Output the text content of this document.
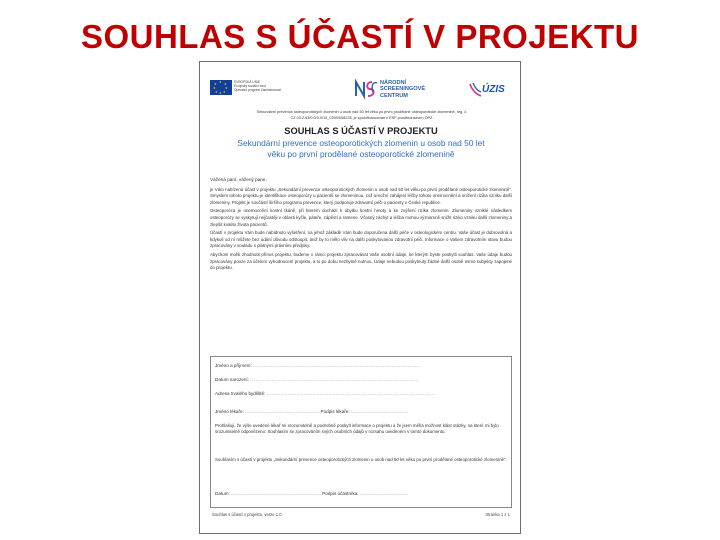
SOUHLAS S ÚČASTÍ V PROJEKTU
★ ★
★
★
★
★
★
★	EVROPSKÁ UNIE
Evropský sociální fond
Operační program Zaměstnanost
NÁRODNÍ
SCREENINGOVÉ
CENTRUM
ÚZIS
Sekundární prevence osteoporotických zlomenin u osob nad 50 let věku po první prodělané osteoporotické zlomenině, reg. č. CZ.03.2.63/0.0/0.0/15_039/0008228, je spolufinancován z ESF prostřednictvím OPZ.
SOUHLAS S ÚČASTÍ V PROJEKTU
Sekundární prevence osteoporotických zlomenin u osob nad 50 let
věku po první prodělané osteoporotické zlomenině

Vážená paní, vážený pane,

je Vám nabízena účast v projektu „Sekundární prevence osteoporotických zlomenin u osob nad 50 let věku po první prodělané osteoporotické zlomenině“. Smyslem tohoto projektu je identifikace osteoporózy u pacientů se zlomeninou, což umožní zahájení léčby tohoto onemocnění a snížení rizika vzniku další zlomeniny. Projekt je součástí širšího programu prevence, který podporuje zdravotní péči o pacienty v České republice.

Osteoporóza je onemocnění kostní tkáně, při kterém dochází k úbytku kostní hmoty a ke zvýšení rizika zlomenin. Zlomeniny vzniklé následkem osteoporózy se vyskytují nejčastěji v oblasti kyčle, páteře, zápěstí a ramene. Včasný záchyt a léčba mohou významně snížit riziko vzniku další zlomeniny a zlepšit kvalitu života pacientů.

Účastí v projektu Vám bude nabídnuto vyšetření, na jehož základě Vám bude doporučena další péče v osteologickém centru. Vaše účast je dobrovolná a kdykoli od ní můžete bez udání důvodu odstoupit, aniž by to mělo vliv na další poskytovanou zdravotní péči. Informace o Vašem zdravotním stavu budou zpracovány v souladu s platnými právními předpisy.

Abychom mohli zhodnotit přínos projektu, budeme v rámci projektu zpracovávat Vaše osobní údaje, ke kterým byste poskytli souhlas. Vaše údaje budou zpracovány pouze za účelem vyhodnocení projektu, a to po dobu nezbytně nutnou. Údaje nebudou poskytnuty žádné další osobě mimo subjekty zapojené do projektu.

Jméno a příjmení: ...............................................................................................
Datum narození: ...............................................................................................
Adresa trvalého bydliště: ...............................................................................................
Jméno lékaře: ............................................... Podpis lékaře: ....................................
Prohlašuji, že výše uvedené lékař mi srozumitelně a podrobně poskytl informace o projektu a že jsem měl/a možnost klást otázky, na které mi bylo srozumitelně odpovězeno. Souhlasím se zpracováním svých osobních údajů v rozsahu uvedeném v tomto dokumentu.
Souhlasím s účastí v projektu „Sekundární prevence osteoporotických zlomenin u osob nad 50 let věku po první prodělané osteoporotické zlomenině“.
Datum: ......................................................... Podpis účastníka: ...............................
Souhlas s účastí v projektu, verze 1.0	Stránka 1 z 1
